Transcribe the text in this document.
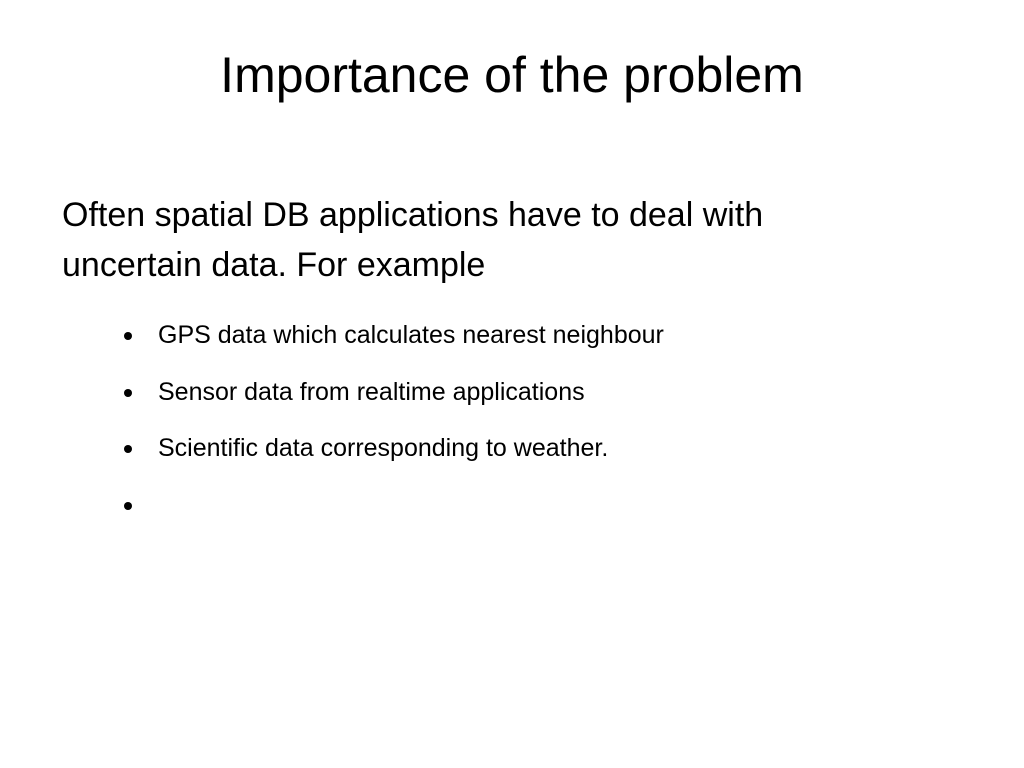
Importance of the problem

Often spatial DB applications have to deal with
uncertain data. For example

GPS data which calculates nearest neighbour
Sensor data from realtime applications
Scientific data corresponding to weather.
